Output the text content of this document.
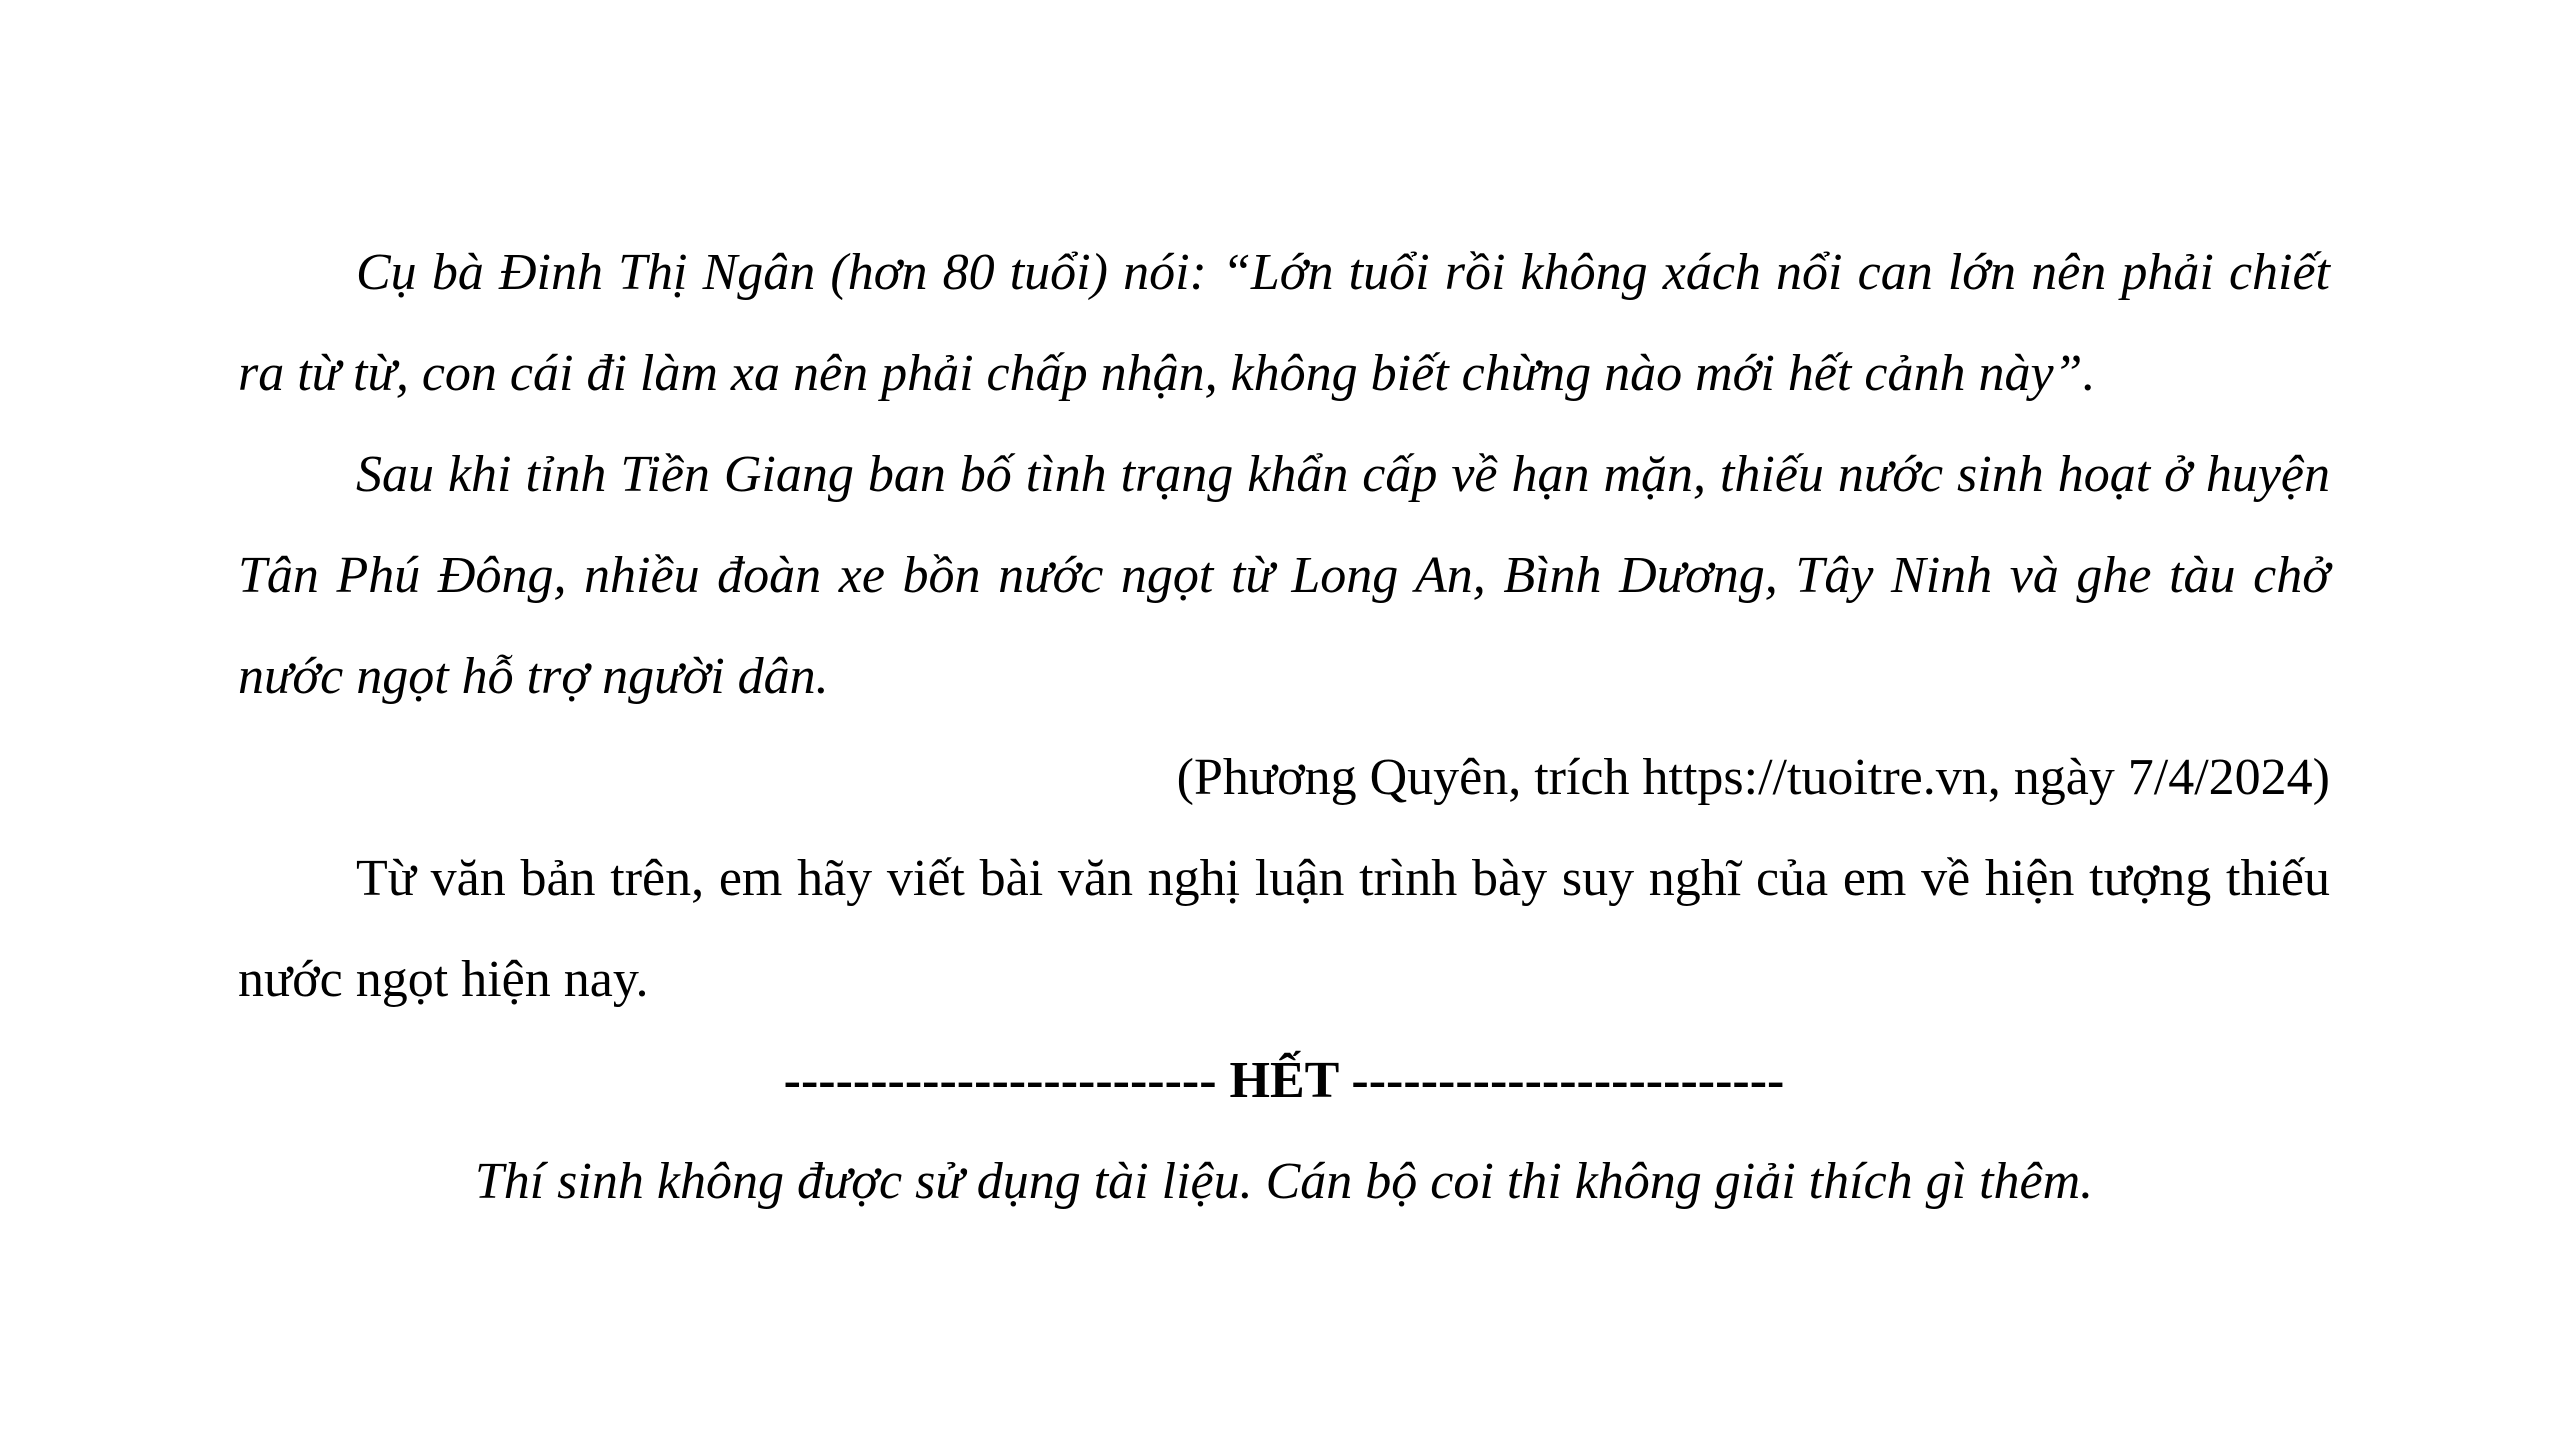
Cụ bà Đinh Thị Ngân (hơn 80 tuổi) nói: “Lớn tuổi rồi không xách nổi can lớn nên phải chiết ra từ từ, con cái đi làm xa nên phải chấp nhận, không biết chừng nào mới hết cảnh này”.

Sau khi tỉnh Tiền Giang ban bố tình trạng khẩn cấp về hạn mặn, thiếu nước sinh hoạt ở huyện Tân Phú Đông, nhiều đoàn xe bồn nước ngọt từ Long An, Bình Dương, Tây Ninh và ghe tàu chở nước ngọt hỗ trợ người dân.

(Phương Quyên, trích https://tuoitre.vn, ngày 7/4/2024)

Từ văn bản trên, em hãy viết bài văn nghị luận trình bày suy nghĩ của em về hiện tượng thiếu nước ngọt hiện nay.

------------------------- HẾT -------------------------

Thí sinh không được sử dụng tài liệu. Cán bộ coi thi không giải thích gì thêm.
